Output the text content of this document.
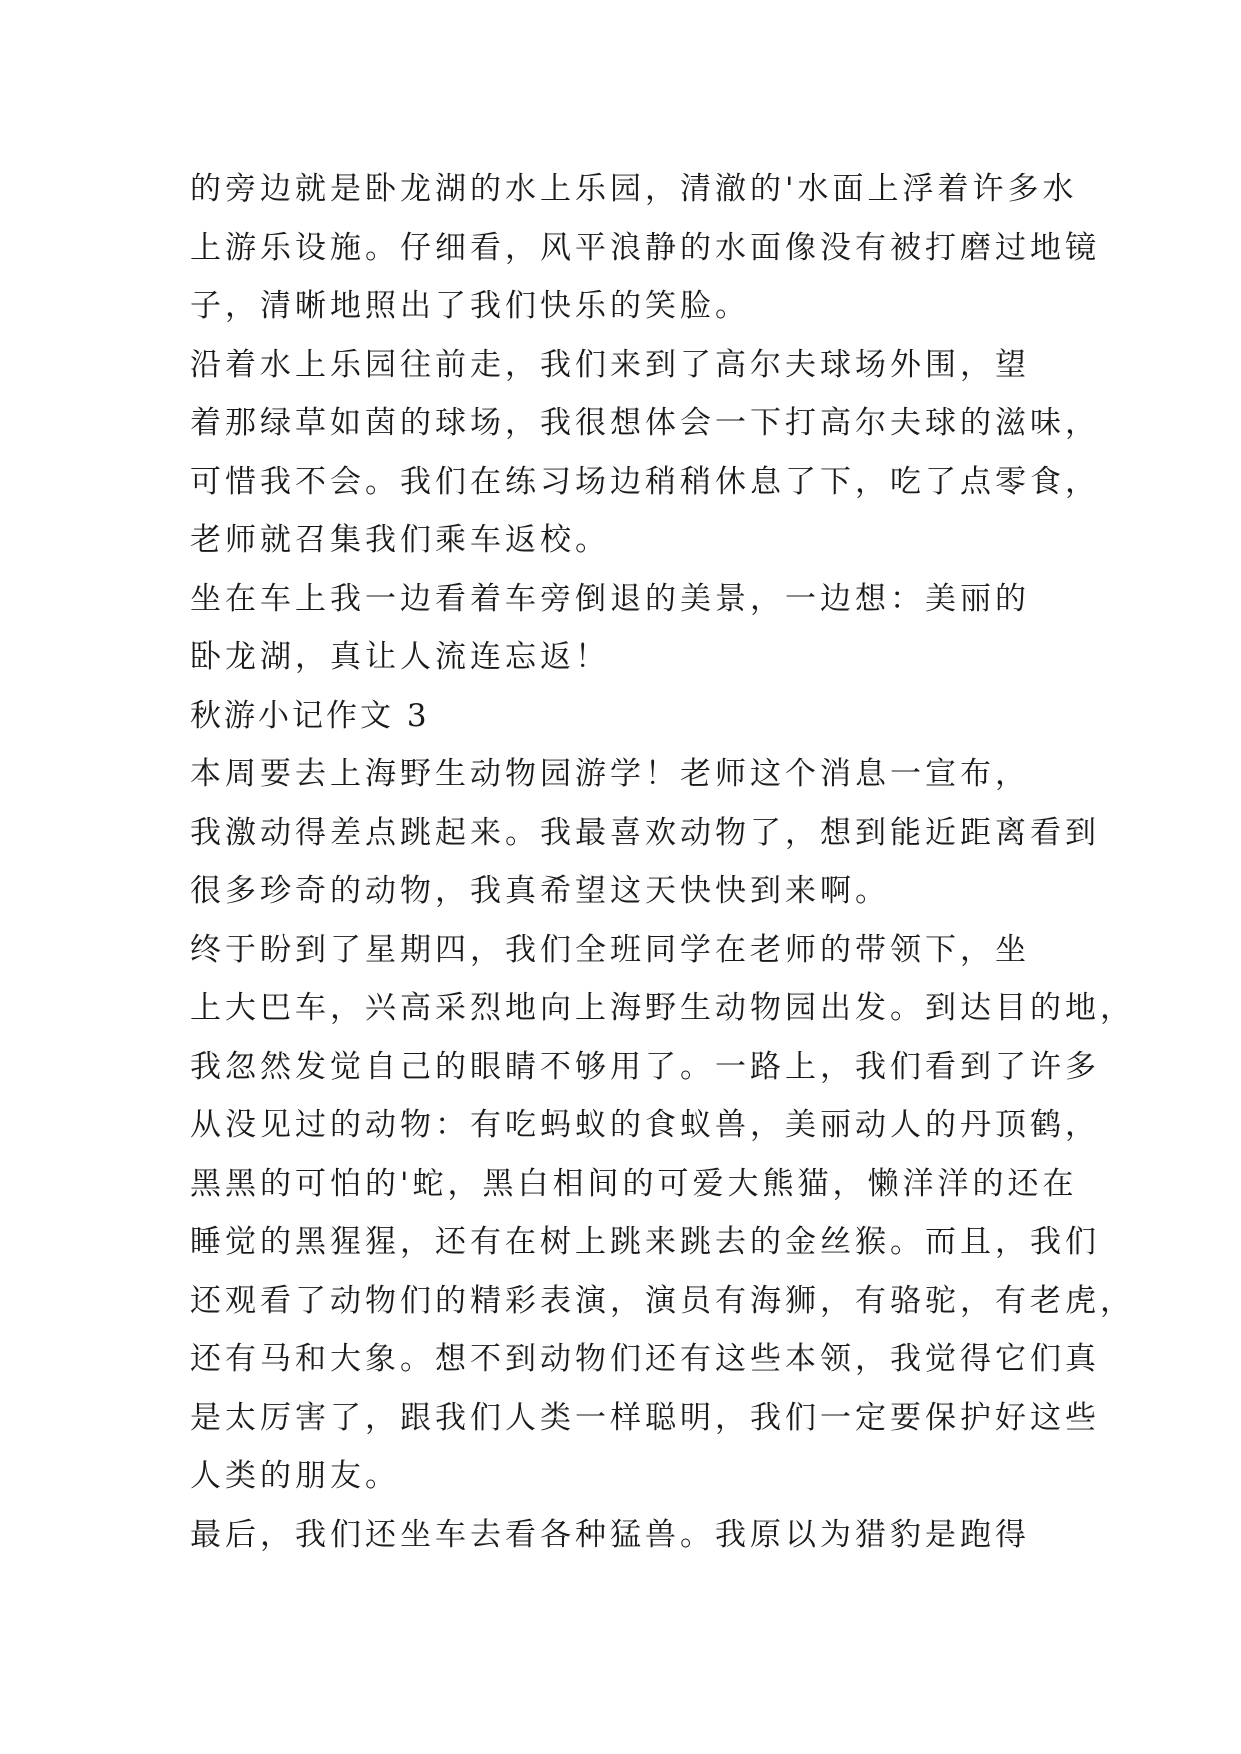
的旁边就是卧龙湖的水上乐园，清澈的'水面上浮着许多水

上游乐设施。仔细看，风平浪静的水面像没有被打磨过地镜

子，清晰地照出了我们快乐的笑脸。

沿着水上乐园往前走，我们来到了高尔夫球场外围，望

着那绿草如茵的球场，我很想体会一下打高尔夫球的滋味，

可惜我不会。我们在练习场边稍稍休息了下，吃了点零食，

老师就召集我们乘车返校。

坐在车上我一边看着车旁倒退的美景，一边想：美丽的

卧龙湖，真让人流连忘返！

秋游小记作文 3

本周要去上海野生动物园游学！老师这个消息一宣布，

我激动得差点跳起来。我最喜欢动物了，想到能近距离看到

很多珍奇的动物，我真希望这天快快到来啊。

终于盼到了星期四，我们全班同学在老师的带领下，坐

上大巴车，兴高采烈地向上海野生动物园出发。到达目的地，

我忽然发觉自己的眼睛不够用了。一路上，我们看到了许多

从没见过的动物：有吃蚂蚁的食蚁兽，美丽动人的丹顶鹤，

黑黑的可怕的'蛇，黑白相间的可爱大熊猫，懒洋洋的还在

睡觉的黑猩猩，还有在树上跳来跳去的金丝猴。而且，我们

还观看了动物们的精彩表演，演员有海狮，有骆驼，有老虎，

还有马和大象。想不到动物们还有这些本领，我觉得它们真

是太厉害了，跟我们人类一样聪明，我们一定要保护好这些

人类的朋友。

最后，我们还坐车去看各种猛兽。我原以为猎豹是跑得
